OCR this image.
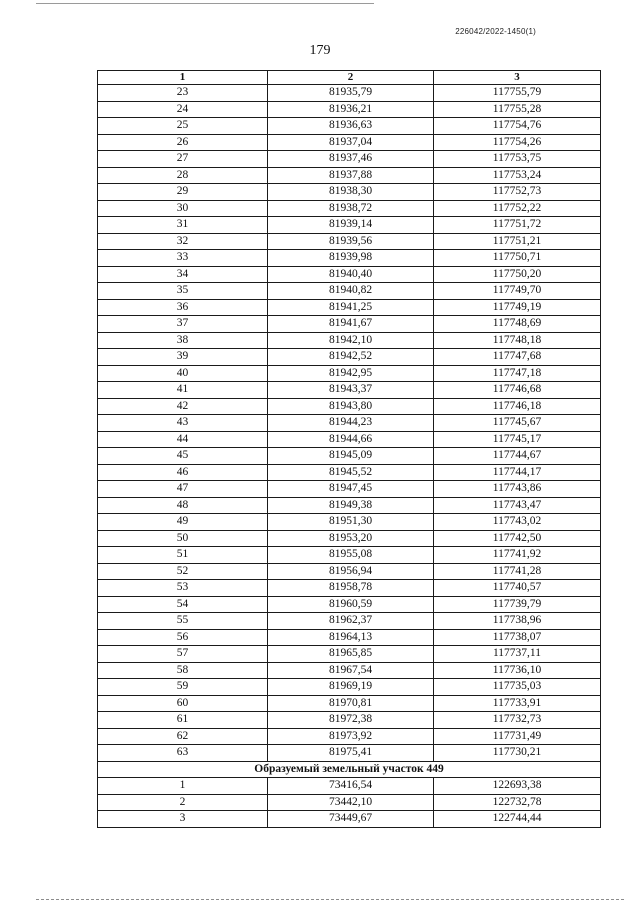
226042/2022-1450(1)
179
1	2	3
23	81935,79	117755,79
24	81936,21	117755,28
25	81936,63	117754,76
26	81937,04	117754,26
27	81937,46	117753,75
28	81937,88	117753,24
29	81938,30	117752,73
30	81938,72	117752,22
31	81939,14	117751,72
32	81939,56	117751,21
33	81939,98	117750,71
34	81940,40	117750,20
35	81940,82	117749,70
36	81941,25	117749,19
37	81941,67	117748,69
38	81942,10	117748,18
39	81942,52	117747,68
40	81942,95	117747,18
41	81943,37	117746,68
42	81943,80	117746,18
43	81944,23	117745,67
44	81944,66	117745,17
45	81945,09	117744,67
46	81945,52	117744,17
47	81947,45	117743,86
48	81949,38	117743,47
49	81951,30	117743,02
50	81953,20	117742,50
51	81955,08	117741,92
52	81956,94	117741,28
53	81958,78	117740,57
54	81960,59	117739,79
55	81962,37	117738,96
56	81964,13	117738,07
57	81965,85	117737,11
58	81967,54	117736,10
59	81969,19	117735,03
60	81970,81	117733,91
61	81972,38	117732,73
62	81973,92	117731,49
63	81975,41	117730,21
Образуемый земельный участок 449		
1	73416,54	122693,38
2	73442,10	122732,78
3	73449,67	122744,44
